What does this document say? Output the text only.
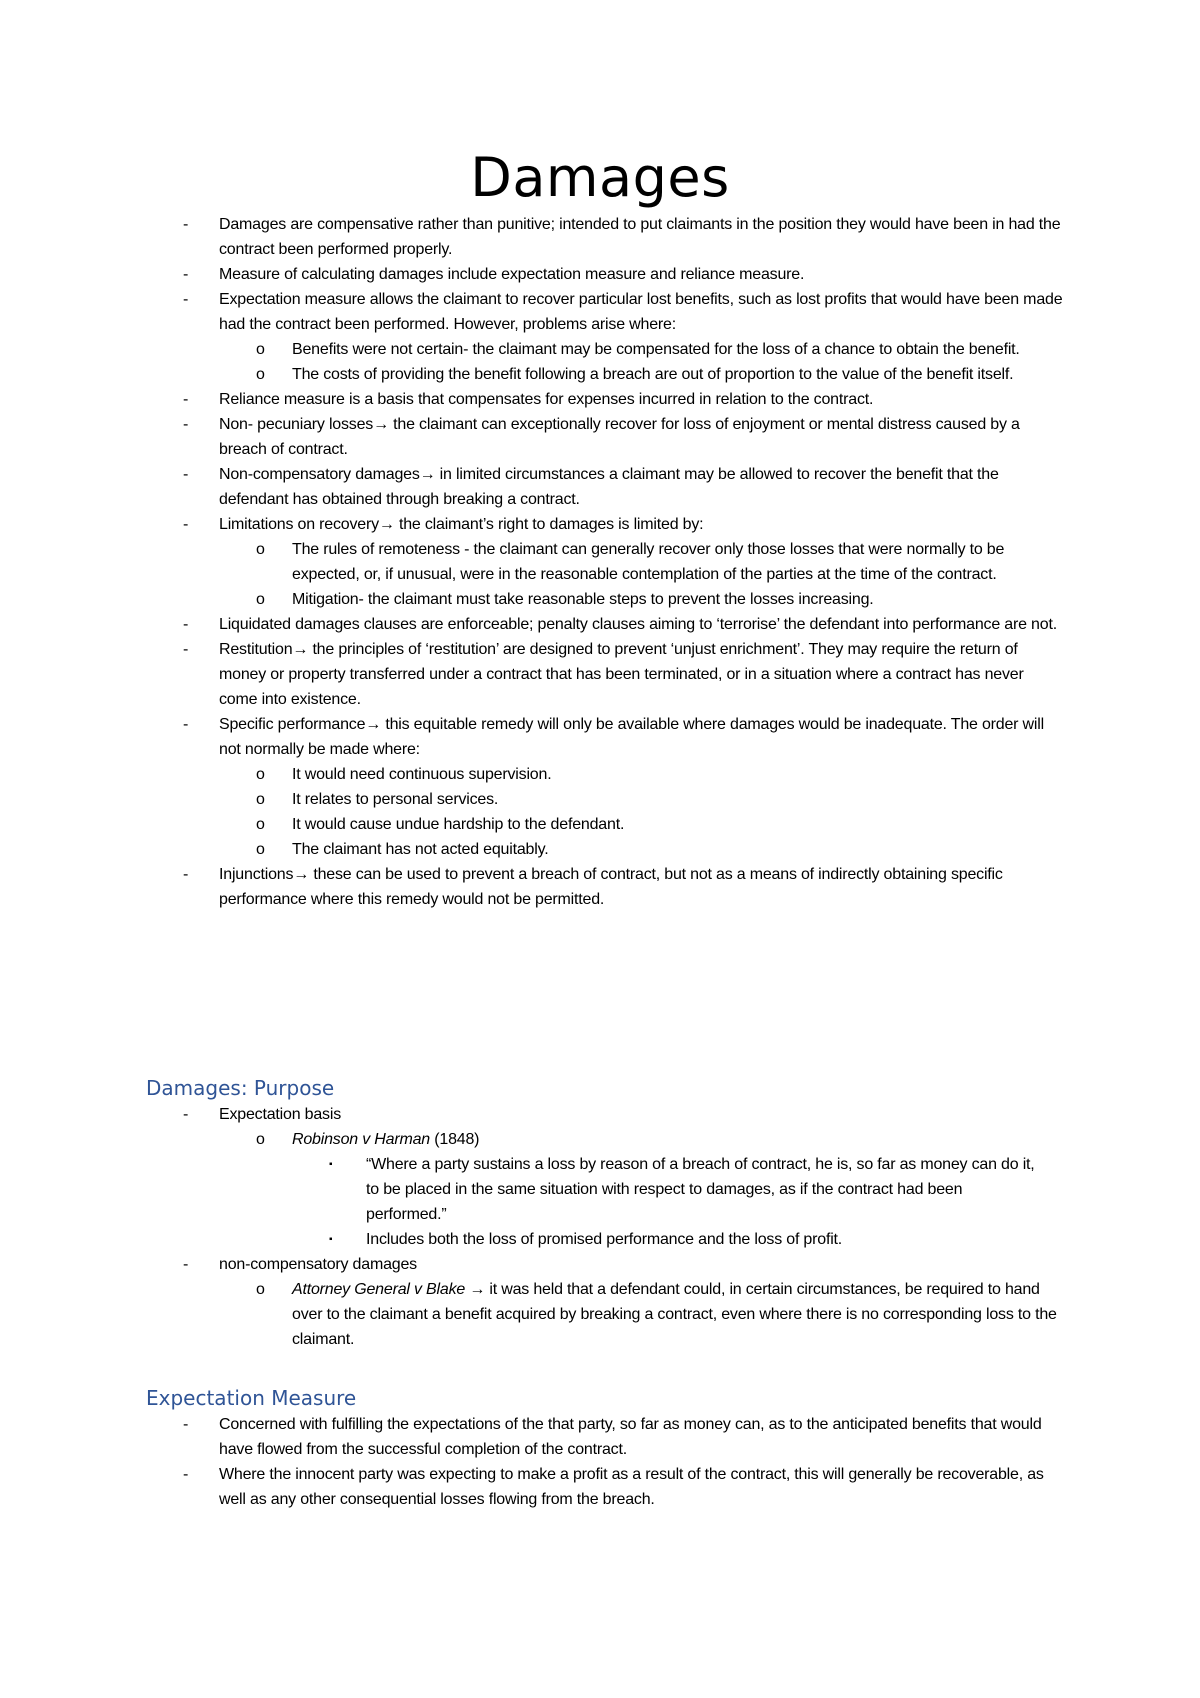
Damages
-	Damages are compensative rather than punitive; intended to put claimants in the position they would have been in had the contract been performed properly.
-	Measure of calculating damages include expectation measure and reliance measure.
-	Expectation measure allows the claimant to recover particular lost benefits, such as lost profits that would have been made had the contract been performed. However, problems arise where:
o	Benefits were not certain- the claimant may be compensated for the loss of a chance to obtain the benefit.
o	The costs of providing the benefit following a breach are out of proportion to the value of the benefit itself.
-	Reliance measure is a basis that compensates for expenses incurred in relation to the contract.
-	Non- pecuniary losses→ the claimant can exceptionally recover for loss of enjoyment or mental distress caused by a breach of contract.
-	Non-compensatory damages→ in limited circumstances a claimant may be allowed to recover the benefit that the defendant has obtained through breaking a contract.
-	Limitations on recovery→ the claimant’s right to damages is limited by:
o	The rules of remoteness - the claimant can generally recover only those losses that were normally to be expected, or, if unusual, were in the reasonable contemplation of the parties at the time of the contract.
o	Mitigation- the claimant must take reasonable steps to prevent the losses increasing.
-	Liquidated damages clauses are enforceable; penalty clauses aiming to ‘terrorise’ the defendant into performance are not.
-	Restitution→ the principles of ‘restitution’ are designed to prevent ‘unjust enrichment’. They may require the return of money or property transferred under a contract that has been terminated, or in a situation where a contract has never come into existence.
-	Specific performance→ this equitable remedy will only be available where damages would be inadequate. The order will not normally be made where:
o	It would need continuous supervision.
o	It relates to personal services.
o	It would cause undue hardship to the defendant.
o	The claimant has not acted equitably.
-	Injunctions→ these can be used to prevent a breach of contract, but not as a means of indirectly obtaining specific performance where this remedy would not be permitted.
Damages: Purpose
-	Expectation basis
o	Robinson v Harman (1848)
▪	“Where a party sustains a loss by reason of a breach of contract, he is, so far as money can do it, to be placed in the same situation with respect to damages, as if the contract had been performed.”
▪	Includes both the loss of promised performance and the loss of profit.
-	non-compensatory damages
o	Attorney General v Blake → it was held that a defendant could, in certain circumstances, be required to hand over to the claimant a benefit acquired by breaking a contract, even where there is no corresponding loss to the claimant.
Expectation Measure
-	Concerned with fulfilling the expectations of the that party, so far as money can, as to the anticipated benefits that would have flowed from the successful completion of the contract.
-	Where the innocent party was expecting to make a profit as a result of the contract, this will generally be recoverable, as well as any other consequential losses flowing from the breach.
